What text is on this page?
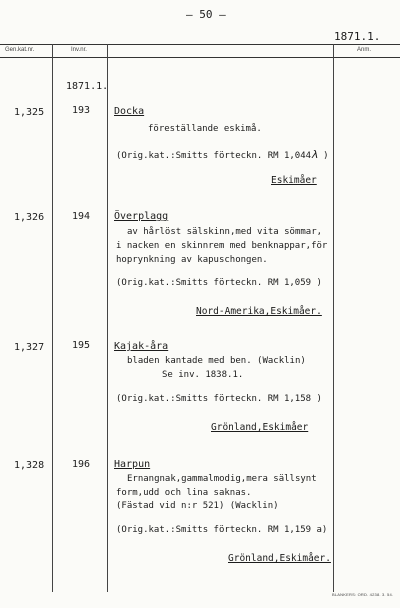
— 50 —
1871.1.
Gen.kat.nr.	Inv.nr.	Anm.
1871.1.
1,325	193 Docka
föreställande eskimå.
(Orig.kat.:Smitts förteckn. RM 1,044λ )
Eskimåer
1,326	194 Överplagg
av hårlöst sälskinn,med vita sömmar,
i nacken en skinnrem med benknappar,för
hoprynkning av kapuschongen.
(Orig.kat.:Smitts förteckn. RM 1,059 )
Nord-Amerika,Eskimåer.
1,327	195 Kajak-åra
bladen kantade med ben. (Wacklin)
Se inv. 1838.1.
(Orig.kat.:Smitts förteckn. RM 1,158 )
Grönland,Eskimåer
1,328	196 Harpun
Ernangnak,gammalmodig,mera sällsynt
form,udd och lina saknas.
(Fästad vid n:r 521) (Wacklin)
(Orig.kat.:Smitts förteckn. RM 1,159 a)
Grönland,Eskimåer.
BLANKERS: ORD. 4238. 3. 54.
